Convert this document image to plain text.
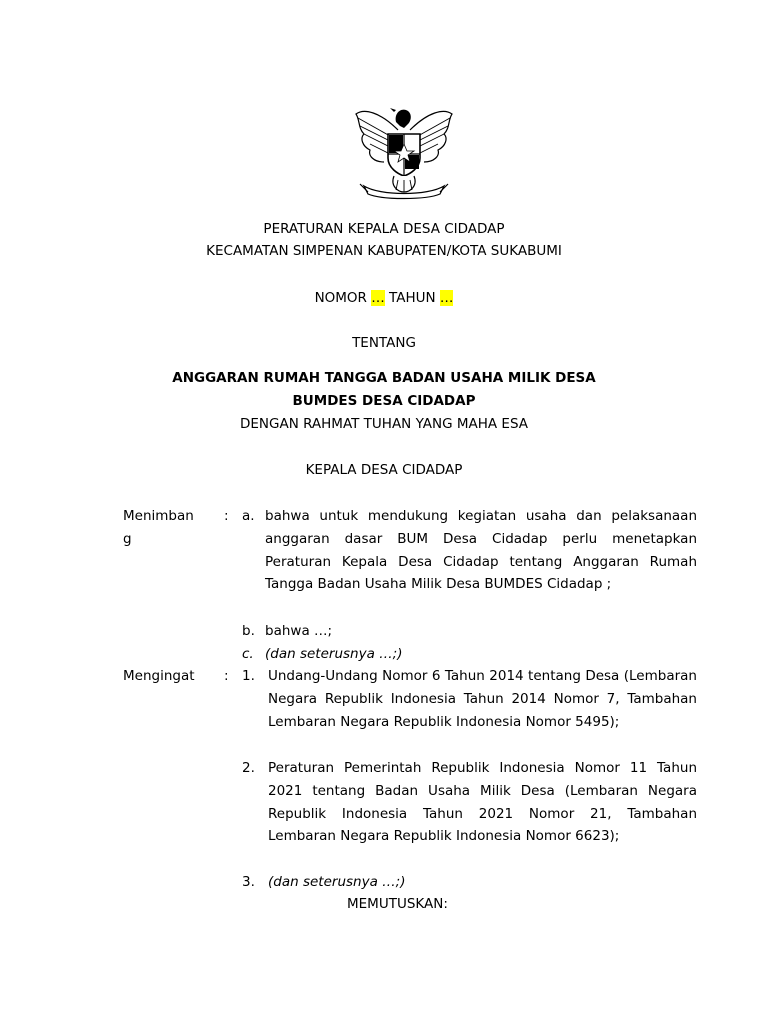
PERATURAN KEPALA DESA CIDADAP
KECAMATAN SIMPENAN KABUPATEN/KOTA SUKABUMI
NOMOR … TAHUN …
TENTANG
ANGGARAN RUMAH TANGGA BADAN USAHA MILIK DESA
BUMDES DESA CIDADAP
DENGAN RAHMAT TUHAN YANG MAHA ESA
KEPALA DESA CIDADAP
Menimban
g
: a. bahwa untuk mendukung kegiatan usaha dan pelaksanaan anggaran dasar BUM Desa Cidadap perlu menetapkan Peraturan Kepala Desa Cidadap tentang Anggaran Rumah Tangga Badan Usaha Milik Desa BUMDES Cidadap ;
b. bahwa …;
c. (dan seterusnya …;)
Mengingat : 1. Undang-Undang Nomor 6 Tahun 2014 tentang Desa (Lembaran Negara Republik Indonesia Tahun 2014 Nomor 7, Tambahan Lembaran Negara Republik Indonesia Nomor 5495);
2. Peraturan Pemerintah Republik Indonesia Nomor 11 Tahun 2021 tentang Badan Usaha Milik Desa (Lembaran Negara Republik Indonesia Tahun 2021 Nomor 21, Tambahan Lembaran Negara Republik Indonesia Nomor 6623);
3. (dan seterusnya …;)
MEMUTUSKAN:
